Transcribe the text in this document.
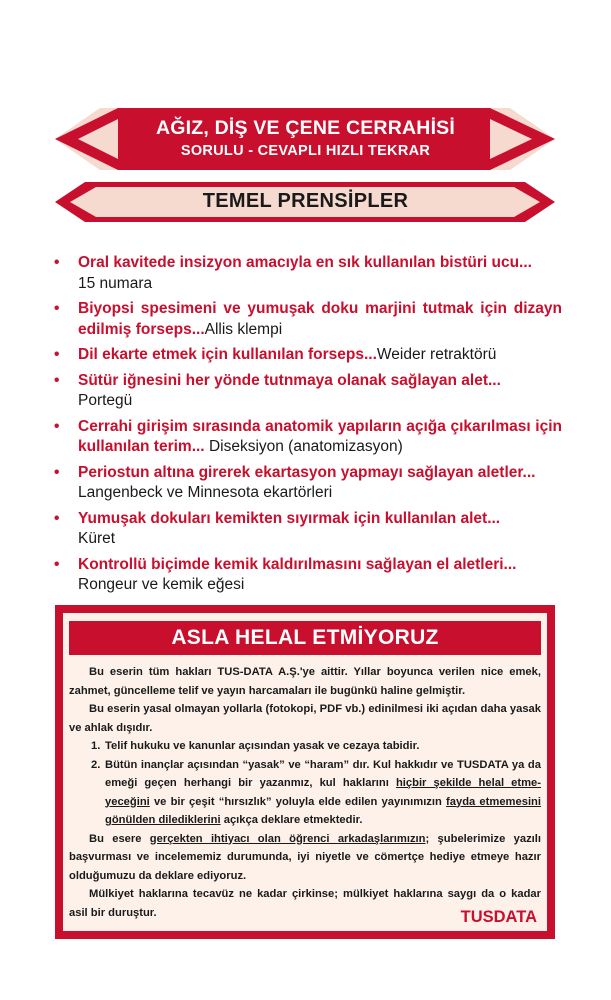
AĞIZ, DİŞ VE ÇENE CERRAHİSİ
SORULU - CEVAPLI HIZLI TEKRAR
TEMEL PRENSİPLER
• Oral kavitede insizyon amacıyla en sık kullanılan bistüri ucu...
15 numara
• Biyopsi spesimeni ve yumuşak doku marjini tutmak için dizayn edilmiş forseps...Allis klempi
• Dil ekarte etmek için kullanılan forseps...Weider retraktörü
• Sütür iğnesini her yönde tutnmaya olanak sağlayan alet...
Portegü
• Cerrahi girişim sırasında anatomik yapıların açığa çıkarılması için kullanılan terim... Diseksiyon (anatomizasyon)
• Periostun altına girerek ekartasyon yapmayı sağlayan aletler...
Langenbeck ve Minnesota ekartörleri
• Yumuşak dokuları kemikten sıyırmak için kullanılan alet...
Küret
• Kontrollü biçimde kemik kaldırılmasını sağlayan el aletleri...
Rongeur ve kemik eğesi
ASLA HELAL ETMİYORUZ

Bu eserin tüm hakları TUS-DATA A.Ş.'ye aittir. Yıllar boyunca verilen nice emek, zahmet, güncelleme telif ve yayın harcamaları ile bugünkü haline gelmiştir.

Bu eserin yasal olmayan yollarla (fotokopi, PDF vb.) edinilmesi iki açıdan daha yasak ve ahlak dışıdır.

1. Telif hukuku ve kanunlar açısından yasak ve cezaya tabidir.
2. Bütün inançlar açısından “yasak” ve “haram” dır. Kul hakkıdır ve TUSDATA ya da emeği geçen herhangi bir yazanmız, kul haklarını hiçbir şekilde helal etme-yeceğini ve bir çeşit “hırsızlık” yoluyla elde edilen yayınımızın fayda etmemesini gönülden dilediklerini açıkça deklare etmektedir.

Bu esere gerçekten ihtiyacı olan öğrenci arkadaşlarımızın; şubelerimize yazılı başvurması ve incelememiz durumunda, iyi niyetle ve cömertçe hediye etmeye hazır olduğumuzu da deklare ediyoruz.

Mülkiyet haklarına tecavüz ne kadar çirkinse; mülkiyet haklarına saygı da o kadar asil bir duruştur.	TUSDATA
